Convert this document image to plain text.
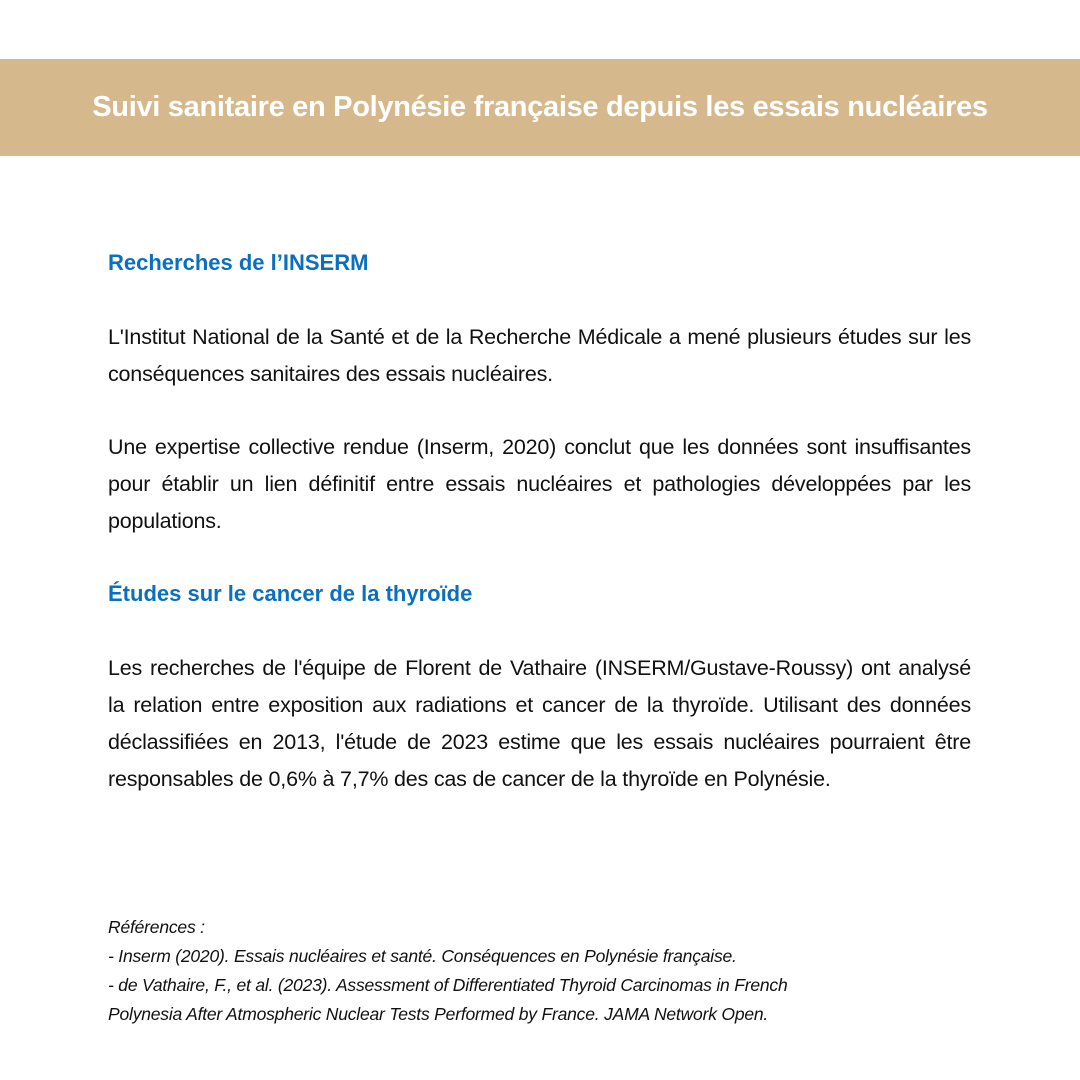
Suivi sanitaire en Polynésie française depuis les essais nucléaires
Recherches de l’INSERM

L'Institut National de la Santé et de la Recherche Médicale a mené plusieurs études sur les conséquences sanitaires des essais nucléaires.

Une expertise collective rendue (Inserm, 2020) conclut que les données sont insuffisantes pour établir un lien définitif entre essais nucléaires et pathologies développées par les populations.

Études sur le cancer de la thyroïde

Les recherches de l'équipe de Florent de Vathaire (INSERM/Gustave-Roussy) ont analysé la relation entre exposition aux radiations et cancer de la thyroïde. Utilisant des données déclassifiées en 2013, l'étude de 2023 estime que les essais nucléaires pourraient être responsables de 0,6% à 7,7% des cas de cancer de la thyroïde en Polynésie.

Références :
- Inserm (2020). Essais nucléaires et santé. Conséquences en Polynésie française.
- de Vathaire, F., et al. (2023). Assessment of Differentiated Thyroid Carcinomas in French
Polynesia After Atmospheric Nuclear Tests Performed by France. JAMA Network Open.
